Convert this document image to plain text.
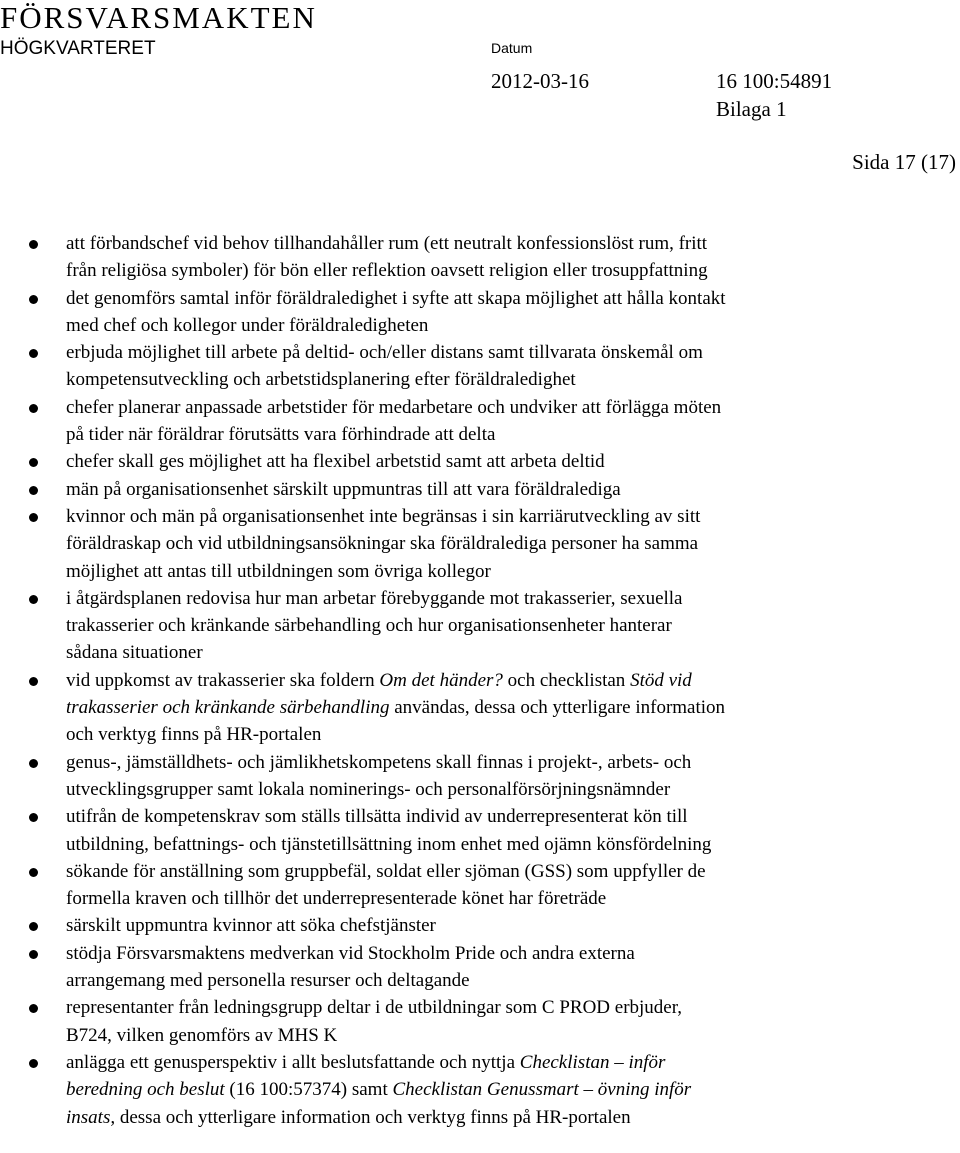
FÖRSVARSMAKTEN
HÖGKVARTERET	Datum
2012-03-16	16 100:54891
Bilaga 1
Sida 17 (17)
att förbandschef vid behov tillhandahåller rum (ett neutralt konfessionslöst rum, fritt
från religiösa symboler) för bön eller reflektion oavsett religion eller trosuppfattning
det genomförs samtal inför föräldraledighet i syfte att skapa möjlighet att hålla kontakt
med chef och kollegor under föräldraledigheten
erbjuda möjlighet till arbete på deltid- och/eller distans samt tillvarata önskemål om
kompetensutveckling och arbetstidsplanering efter föräldraledighet
chefer planerar anpassade arbetstider för medarbetare och undviker att förlägga möten
på tider när föräldrar förutsätts vara förhindrade att delta
chefer skall ges möjlighet att ha flexibel arbetstid samt att arbeta deltid
män på organisationsenhet särskilt uppmuntras till att vara föräldralediga
kvinnor och män på organisationsenhet inte begränsas i sin karriärutveckling av sitt
föräldraskap och vid utbildningsansökningar ska föräldralediga personer ha samma
möjlighet att antas till utbildningen som övriga kollegor
i åtgärdsplanen redovisa hur man arbetar förebyggande mot trakasserier, sexuella
trakasserier och kränkande särbehandling och hur organisationsenheter hanterar
sådana situationer
vid uppkomst av trakasserier ska foldern Om det händer? och checklistan Stöd vid
trakasserier och kränkande särbehandling användas, dessa och ytterligare information
och verktyg finns på HR-portalen
genus-, jämställdhets- och jämlikhetskompetens skall finnas i projekt-, arbets- och
utvecklingsgrupper samt lokala nominerings- och personalförsörjningsnämnder
utifrån de kompetenskrav som ställs tillsätta individ av underrepresenterat kön till
utbildning, befattnings- och tjänstetillsättning inom enhet med ojämn könsfördelning
sökande för anställning som gruppbefäl, soldat eller sjöman (GSS) som uppfyller de
formella kraven och tillhör det underrepresenterade könet har företräde
särskilt uppmuntra kvinnor att söka chefstjänster
stödja Försvarsmaktens medverkan vid Stockholm Pride och andra externa
arrangemang med personella resurser och deltagande
representanter från ledningsgrupp deltar i de utbildningar som C PROD erbjuder,
B724, vilken genomförs av MHS K
anlägga ett genusperspektiv i allt beslutsfattande och nyttja Checklistan – inför
beredning och beslut (16 100:57374) samt Checklistan Genussmart – övning inför
insats, dessa och ytterligare information och verktyg finns på HR-portalen
